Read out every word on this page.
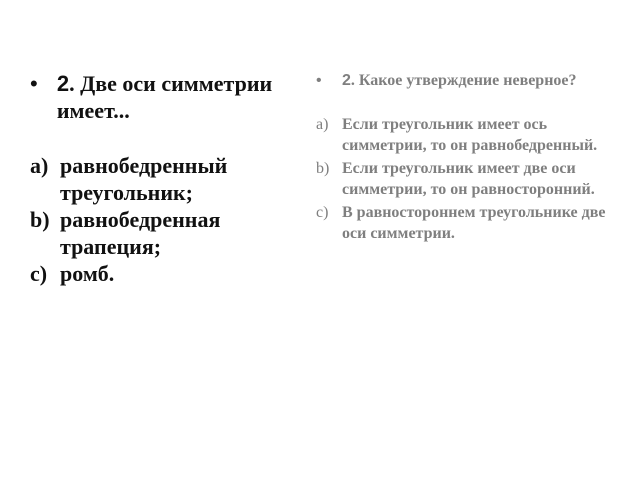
• 2. Две оси симметрии имеет...
a) равнобедренный треугольник;
b) равнобедренная трапеция;
c) ромб.
•	2. Какое утверждение неверное?
a) Если треугольник имеет ось симметрии, то он равнобедренный.
b) Если треугольник имеет две оси симметрии, то он равносторонний.
c) В равностороннем треугольнике две оси симметрии.
